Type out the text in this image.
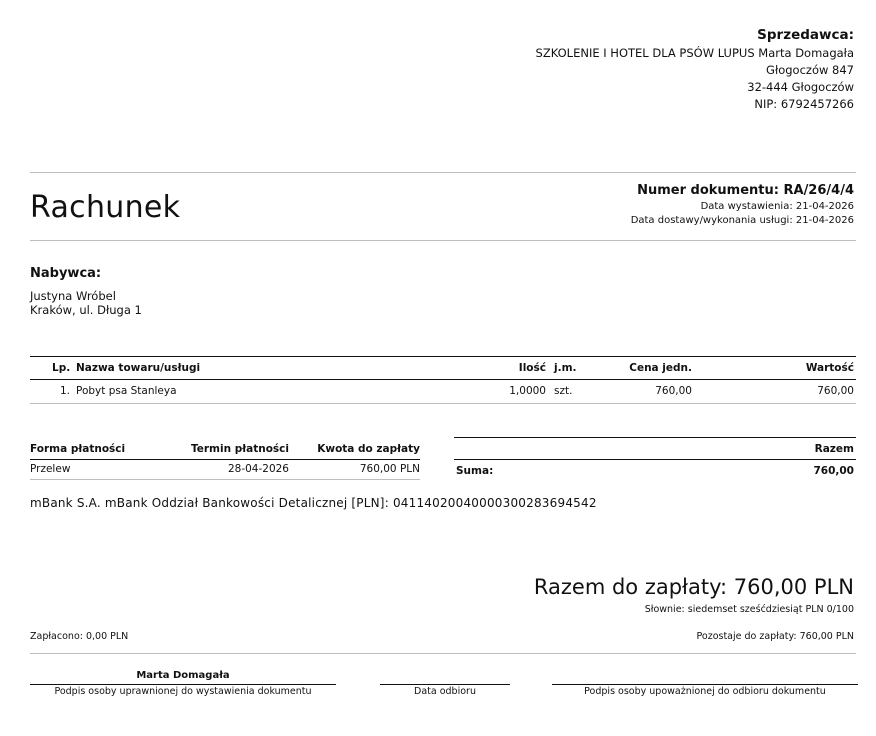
Sprzedawca:
SZKOLENIE I HOTEL DLA PSÓW LUPUS Marta Domagała
Głogoczów 847
32-444 Głogoczów
NIP: 6792457266
Rachunek	Numer dokumentu: RA/26/4/4
Data wystawienia: 21-04-2026
Data dostawy/wykonania usługi: 21-04-2026
Nabywca:
Justyna Wróbel
Kraków, ul. Długa 1
Lp. Nazwa towaru/usługi	Ilość j.m.	Cena jedn.	Wartość
1. Pobyt psa Stanleya	1,0000 szt.	760,00	760,00
Forma płatności	Termin płatności	Kwota do zapłaty
Przelew	28-04-2026	760,00 PLN
Razem
Suma:	760,00
mBank S.A. mBank Oddział Bankowości Detalicznej [PLN]: 04114020040000300283694542
Razem do zapłaty: 760,00 PLN
Słownie: siedemset sześćdziesiąt PLN 0/100
Zapłacono: 0,00 PLN	Pozostaje do zapłaty: 760,00 PLN
Marta Domagała
Podpis osoby uprawnionej do wystawienia dokumentu	Data odbioru	Podpis osoby upoważnionej do odbioru dokumentu
